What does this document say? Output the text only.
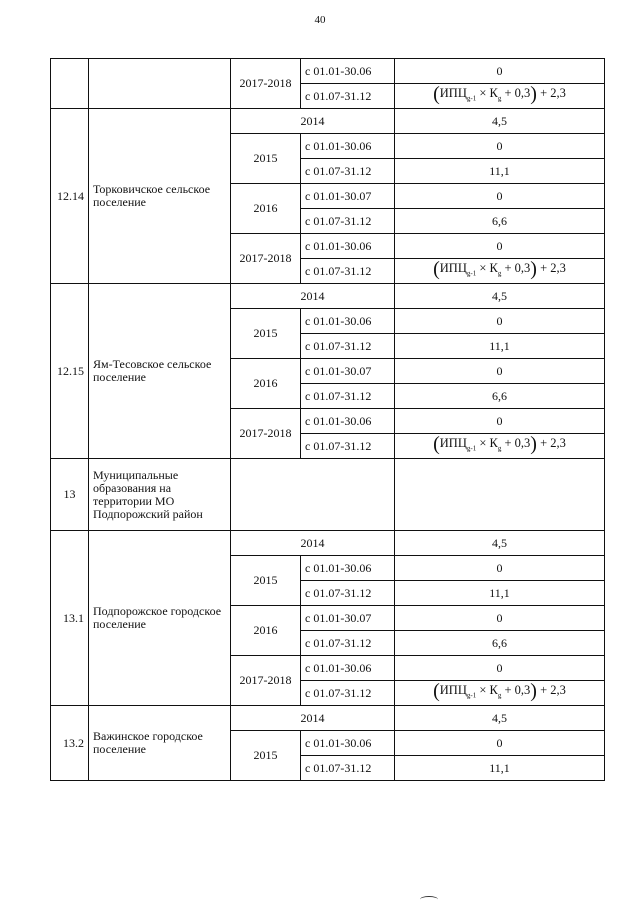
40
		2017-2018	с 01.01-30.06	0
			с 01.07-31.12	$(ИПЦ_{g-1} \times К_g + 0,3) + 2,3$
12.14	Торковичское сельское поселение	2014		4,5
		2015	с 01.01-30.06	0
			с 01.07-31.12	11,1
		2016	с 01.01-30.07	0
			с 01.07-31.12	6,6
		2017-2018	с 01.01-30.06	0
			с 01.07-31.12	$(ИПЦ_{g-1} \times К_g + 0,3) + 2,3$
12.15	Ям-Тесовское сельское поселение	2014		4,5
		2015	с 01.01-30.06	0
			с 01.07-31.12	11,1
		2016	с 01.01-30.07	0
			с 01.07-31.12	6,6
		2017-2018	с 01.01-30.06	0
			с 01.07-31.12	$(ИПЦ_{g-1} \times К_g + 0,3) + 2,3$
13	Муниципальные образования на территории МО Подпорожский район			
13.1	Подпорожское городское поселение	2014		4,5
		2015	с 01.01-30.06	0
			с 01.07-31.12	11,1
		2016	с 01.01-30.07	0
			с 01.07-31.12	6,6
		2017-2018	с 01.01-30.06	0
			с 01.07-31.12	$(ИПЦ_{g-1} \times К_g + 0,3) + 2,3$
13.2	Важинское городское поселение	2014		4,5
		2015	с 01.01-30.06	0
			с 01.07-31.12	11,1
